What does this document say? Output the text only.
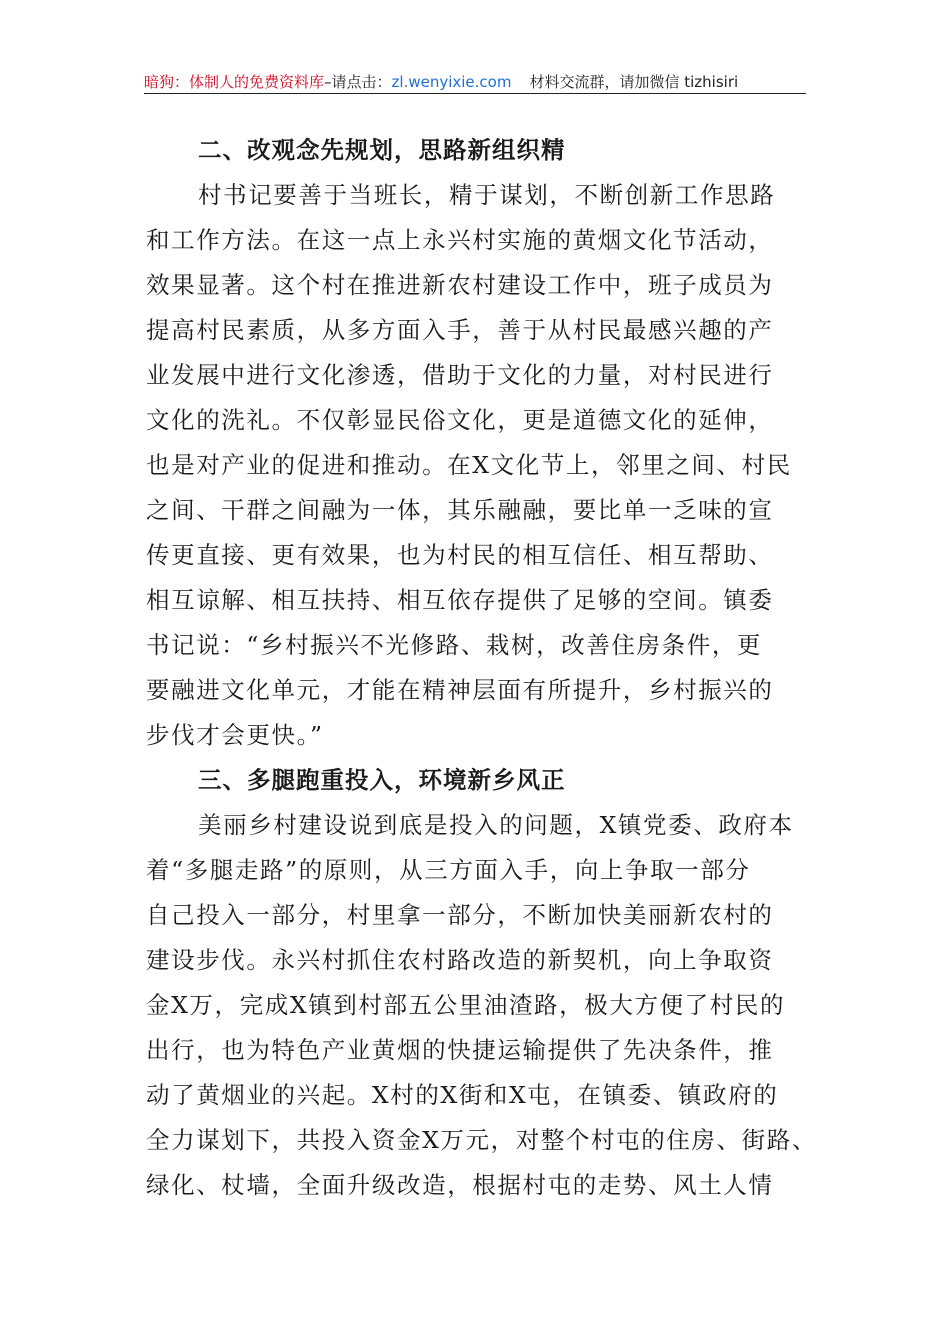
暗狗：体制人的免费资料库–请点击：zl.wenyixie.com 材料交流群，请加微信 tizhisiri
二、改观念先规划，思路新组织精
村书记要善于当班长，精于谋划，不断创新工作思路
和工作方法。在这一点上永兴村实施的黄烟文化节活动，
效果显著。这个村在推进新农村建设工作中，班子成员为
提高村民素质，从多方面入手，善于从村民最感兴趣的产
业发展中进行文化渗透，借助于文化的力量，对村民进行
文化的洗礼。不仅彰显民俗文化，更是道德文化的延伸，
也是对产业的促进和推动。在X文化节上，邻里之间、村民
之间、干群之间融为一体，其乐融融，要比单一乏味的宣
传更直接、更有效果，也为村民的相互信任、相互帮助、
相互谅解、相互扶持、相互依存提供了足够的空间。镇委
书记说：“乡村振兴不光修路、栽树，改善住房条件，更
要融进文化单元，才能在精神层面有所提升，乡村振兴的
步伐才会更快。”
三、多腿跑重投入，环境新乡风正
美丽乡村建设说到底是投入的问题，X镇党委、政府本
着“多腿走路”的原则，从三方面入手，向上争取一部分
自己投入一部分，村里拿一部分，不断加快美丽新农村的
建设步伐。永兴村抓住农村路改造的新契机，向上争取资
金X万，完成X镇到村部五公里油渣路，极大方便了村民的
出行，也为特色产业黄烟的快捷运输提供了先决条件，推
动了黄烟业的兴起。X村的X街和X屯，在镇委、镇政府的
全力谋划下，共投入资金X万元，对整个村屯的住房、街路、
绿化、杖墙，全面升级改造，根据村屯的走势、风土人情
